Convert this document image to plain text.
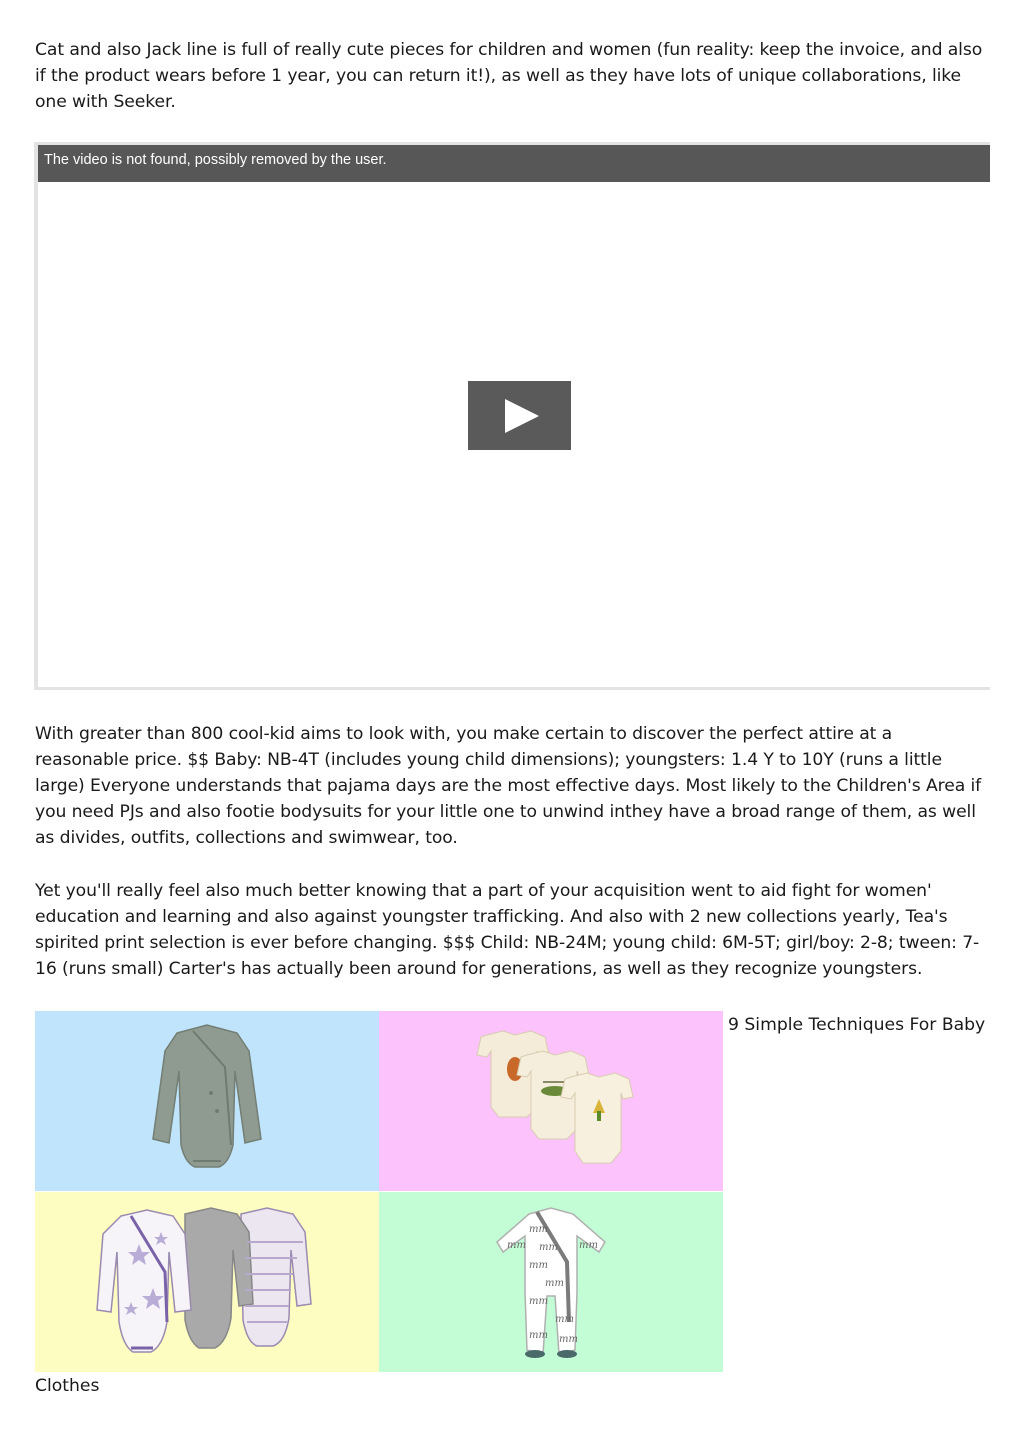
Cat and also Jack line is full of really cute pieces for children and women (fun reality: keep the invoice, and also if the product wears before 1 year, you can return it!), as well as they have lots of unique collaborations, like one with Seeker.

The video is not found, possibly removed by the user.

With greater than 800 cool-kid aims to look with, you make certain to discover the perfect attire at a reasonable price. $$ Baby: NB-4T (includes young child dimensions); youngsters: 1.4 Y to 10Y (runs a little large) Everyone understands that pajama days are the most effective days. Most likely to the Children's Area if you need PJs and also footie bodysuits for your little one to unwind inthey have a broad range of them, as well as divides, outfits, collections and swimwear, too.

Yet you'll really feel also much better knowing that a part of your acquisition went to aid fight for women' education and learning and also against youngster trafficking. And also with 2 new collections yearly, Tea's spirited print selection is ever before changing. $$$ Child: NB-24M; young child: 6M-5T; girl/boy: 2-8; tween: 7-16 (runs small) Carter's has actually been around for generations, as well as they recognize youngsters.

mm
mm
mm
mm
mm
mm
mm mm
mm	mm
9 Simple Techniques For Baby
Clothes
